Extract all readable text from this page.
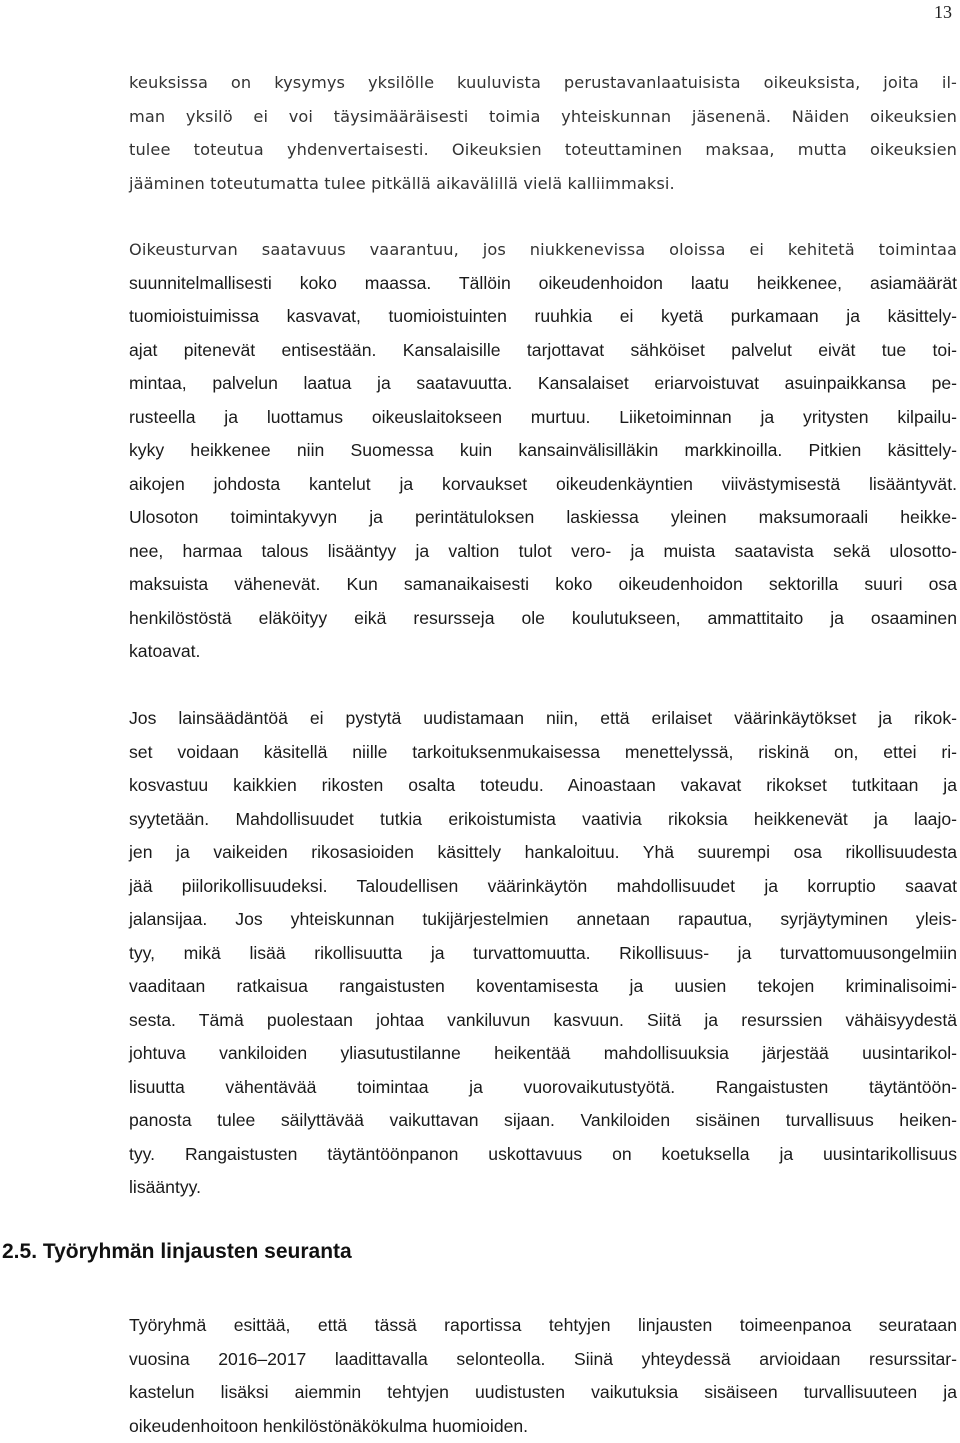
13
keuksissa on kysymys yksilölle kuuluvista perustavanlaatuisista oikeuksista, joita il-
man yksilö ei voi täysimääräisesti toimia yhteiskunnan jäsenenä. Näiden oikeuksien
tulee toteutua yhdenvertaisesti. Oikeuksien toteuttaminen maksaa, mutta oikeuksien
jääminen toteutumatta tulee pitkällä aikavälillä vielä kalliimmaksi.
Oikeusturvan saatavuus vaarantuu, jos niukkenevissa oloissa ei kehitetä toimintaa
suunnitelmallisesti koko maassa. Tällöin oikeudenhoidon laatu heikkenee, asiamäärät
tuomioistuimissa kasvavat, tuomioistuinten ruuhkia ei kyetä purkamaan ja käsittely-
ajat pitenevät entisestään. Kansalaisille tarjottavat sähköiset palvelut eivät tue toi-
mintaa, palvelun laatua ja saatavuutta. Kansalaiset eriarvoistuvat asuinpaikkansa pe-
rusteella ja luottamus oikeuslaitokseen murtuu. Liiketoiminnan ja yritysten kilpailu-
kyky heikkenee niin Suomessa kuin kansainvälisilläkin markkinoilla. Pitkien käsittely-
aikojen johdosta kantelut ja korvaukset oikeudenkäyntien viivästymisestä lisääntyvät.
Ulosoton toimintakyvyn ja perintätuloksen laskiessa yleinen maksumoraali heikke-
nee, harmaa talous lisääntyy ja valtion tulot vero- ja muista saatavista sekä ulosotto-
maksuista vähenevät. Kun samanaikaisesti koko oikeudenhoidon sektorilla suuri osa
henkilöstöstä eläköityy eikä resursseja ole koulutukseen, ammattitaito ja osaaminen
katoavat.
Jos lainsäädäntöä ei pystytä uudistamaan niin, että erilaiset väärinkäytökset ja rikok-
set voidaan käsitellä niille tarkoituksenmukaisessa menettelyssä, riskinä on, ettei ri-
kosvastuu kaikkien rikosten osalta toteudu. Ainoastaan vakavat rikokset tutkitaan ja
syytetään. Mahdollisuudet tutkia erikoistumista vaativia rikoksia heikkenevät ja laajo-
jen ja vaikeiden rikosasioiden käsittely hankaloituu. Yhä suurempi osa rikollisuudesta
jää piilorikollisuudeksi. Taloudellisen väärinkäytön mahdollisuudet ja korruptio saavat
jalansijaa. Jos yhteiskunnan tukijärjestelmien annetaan rapautua, syrjäytyminen yleis-
tyy, mikä lisää rikollisuutta ja turvattomuutta. Rikollisuus- ja turvattomuusongelmiin
vaaditaan ratkaisua rangaistusten koventamisesta ja uusien tekojen kriminalisoimi-
sesta. Tämä puolestaan johtaa vankiluvun kasvuun. Siitä ja resurssien vähäisyydestä
johtuva vankiloiden yliasutustilanne heikentää mahdollisuuksia järjestää uusintarikol-
lisuutta vähentävää toimintaa ja vuorovaikutustyötä. Rangaistusten täytäntöön-
panosta tulee säilyttävää vaikuttavan sijaan. Vankiloiden sisäinen turvallisuus heiken-
tyy. Rangaistusten täytäntöönpanon uskottavuus on koetuksella ja uusintarikollisuus
lisääntyy.
2.5. Työryhmän linjausten seuranta
Työryhmä esittää, että tässä raportissa tehtyjen linjausten toimeenpanoa seurataan
vuosina 2016–2017 laadittavalla selonteolla. Siinä yhteydessä arvioidaan resurssitar-
kastelun lisäksi aiemmin tehtyjen uudistusten vaikutuksia sisäiseen turvallisuuteen ja
oikeudenhoitoon henkilöstönäkökulma huomioiden.
